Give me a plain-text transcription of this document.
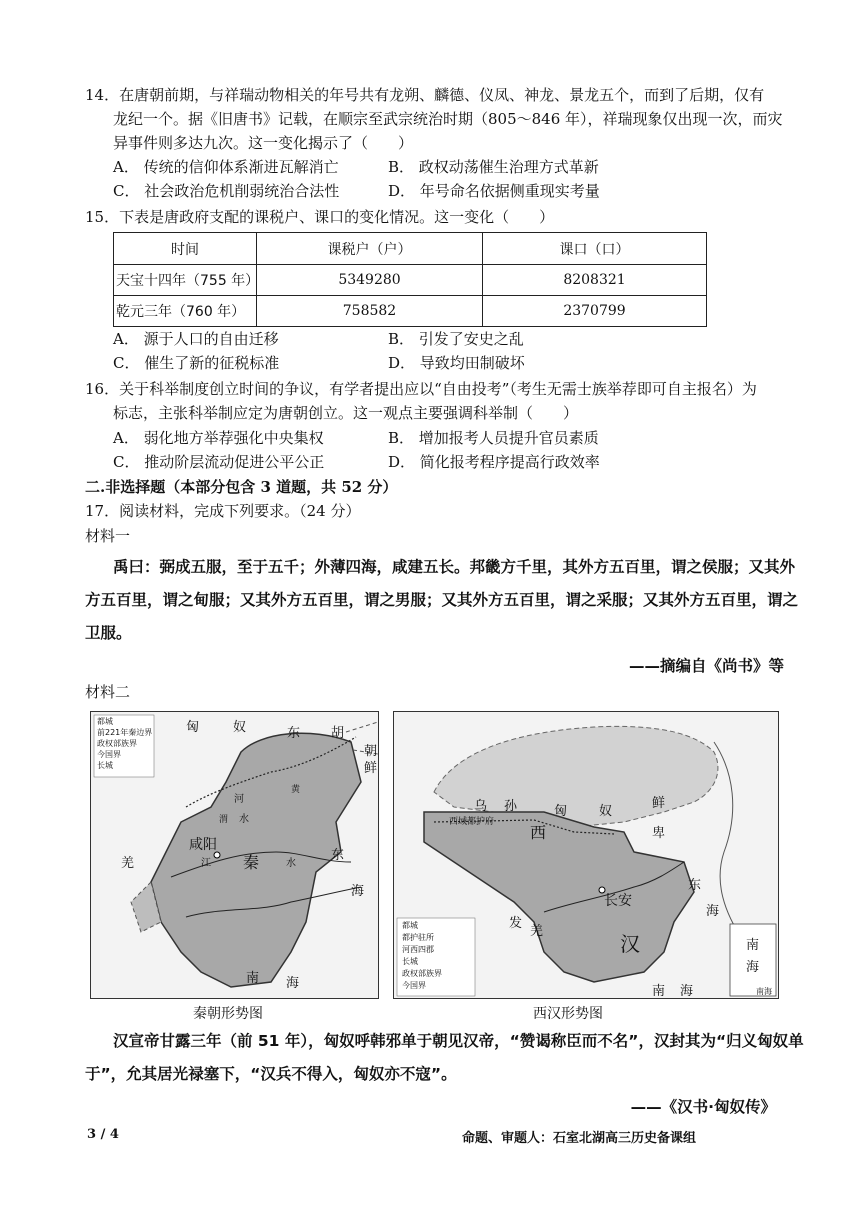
14．在唐朝前期，与祥瑞动物相关的年号共有龙朔、麟德、仪凤、神龙、景龙五个，而到了后期，仅有
龙纪一个。据《旧唐书》记载，在顺宗至武宗统治时期（805～846 年），祥瑞现象仅出现一次，而灾
异事件则多达九次。这一变化揭示了（　　）
A． 传统的信仰体系渐进瓦解消亡	B． 政权动荡催生治理方式革新
C． 社会政治危机削弱统治合法性	D． 年号命名依据侧重现实考量
15．下表是唐政府支配的课税户、课口的变化情况。这一变化（　　）
时间	课税户（户）	课口（口）
天宝十四年（755 年）	5349280	8208321
乾元三年（760 年）	758582	2370799
A． 源于人口的自由迁移	B． 引发了安史之乱
C． 催生了新的征税标准	D． 导致均田制破坏
16．关于科举制度创立时间的争议，有学者提出应以“自由投考”（考生无需士族举荐即可自主报名）为
标志，主张科举制应定为唐朝创立。这一观点主要强调科举制（　　）
A． 弱化地方举荐强化中央集权	B． 增加报考人员提升官员素质
C． 推动阶层流动促进公平公正	D． 简化报考程序提高行政效率
二.非选择题（本部分包含 3 道题，共 52 分）
17．阅读材料，完成下列要求。（24 分）
材料一
禹曰：弼成五服，至于五千；外薄四海，咸建五长。邦畿方千里，其外方五百里，谓之侯服；又其外
方五百里，谓之甸服；又其外方五百里，谓之男服；又其外方五百里，谓之采服；又其外方五百里，谓之
卫服。
——摘编自《尚书》等
材料二
都城
前221年秦边界
政权部族界
今国界
长城
匈	奴	东 胡
朝
鲜
咸阳
河
水
东
海
羌	秦
江	水
南 海
黄
渭
都城
都护驻所
河西四郡
长城
政权部族界
今国界
乌 孙
西
匈 奴
西域都护府
鲜
卑
长安
东
海
汉
发
羌
南 海
南
海
南海
秦朝形势图	西汉形势图
汉宣帝甘露三年（前 51 年），匈奴呼韩邪单于朝见汉帝，“赞谒称臣而不名”，汉封其为“归义匈奴单
于”，允其居光禄塞下，“汉兵不得入，匈奴亦不寇”。
——《汉书·匈奴传》
3 / 4	命题、审题人：石室北湖高三历史备课组
